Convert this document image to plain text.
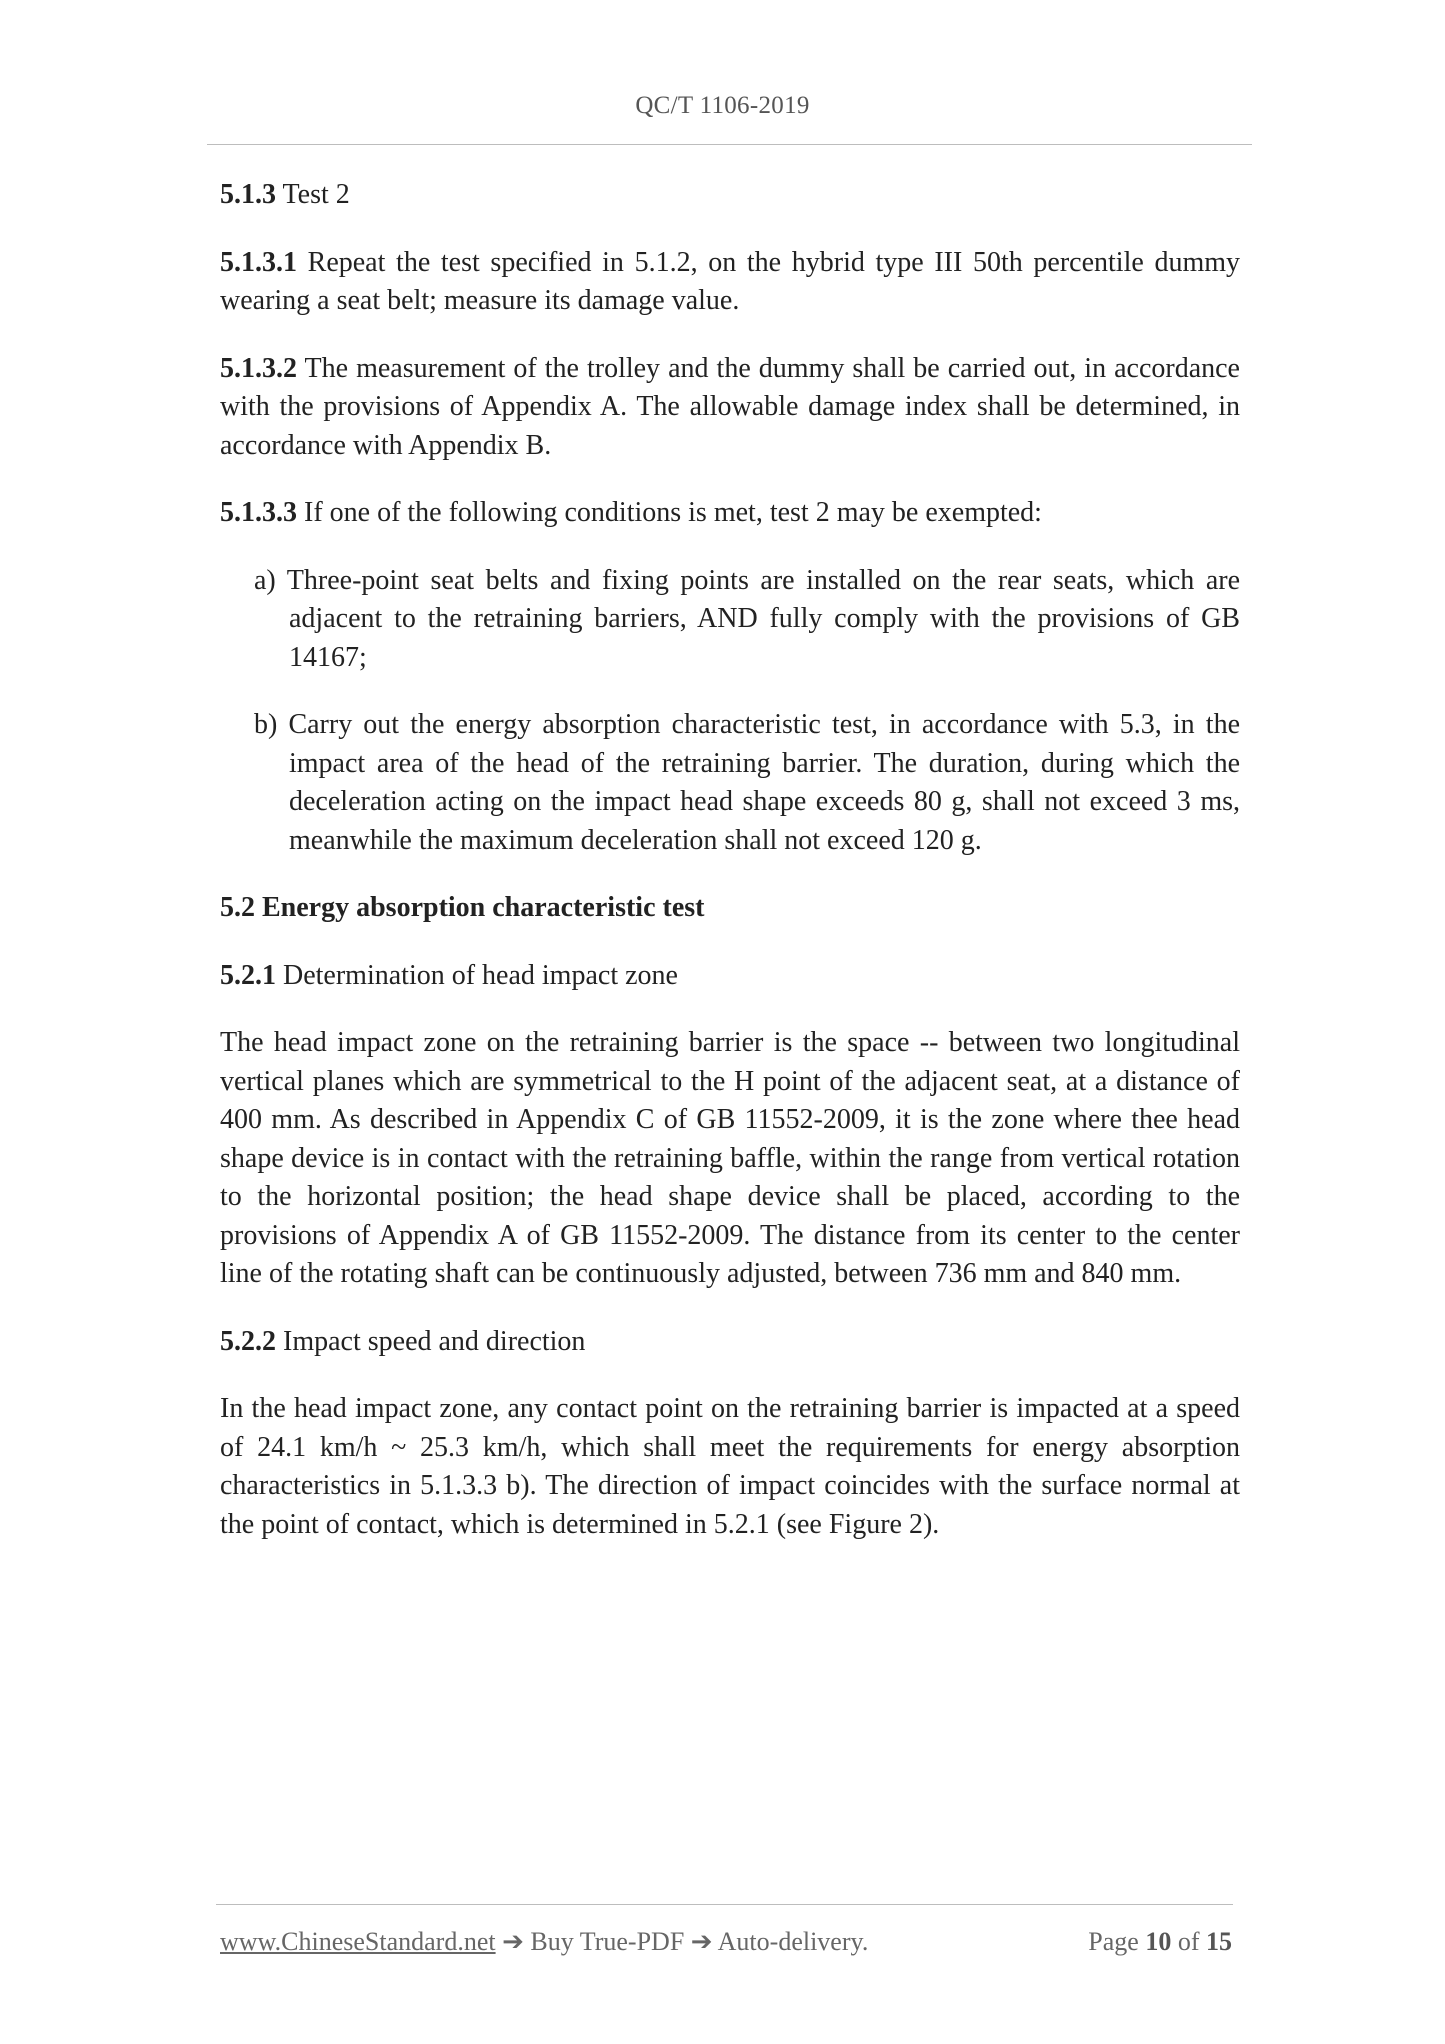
QC/T 1106-2019

5.1.3 Test 2

5.1.3.1 Repeat the test specified in 5.1.2, on the hybrid type III 50th percentile dummy wearing a seat belt; measure its damage value.

5.1.3.2 The measurement of the trolley and the dummy shall be carried out, in accordance with the provisions of Appendix A. The allowable damage index shall be determined, in accordance with Appendix B.

5.1.3.3 If one of the following conditions is met, test 2 may be exempted:

a) Three-point seat belts and fixing points are installed on the rear seats, which are adjacent to the retraining barriers, AND fully comply with the provisions of GB 14167;

b) Carry out the energy absorption characteristic test, in accordance with 5.3, in the impact area of the head of the retraining barrier. The duration, during which the deceleration acting on the impact head shape exceeds 80 g, shall not exceed 3 ms, meanwhile the maximum deceleration shall not exceed 120 g.

5.2 Energy absorption characteristic test

5.2.1 Determination of head impact zone

The head impact zone on the retraining barrier is the space -- between two longitudinal vertical planes which are symmetrical to the H point of the adjacent seat, at a distance of 400 mm. As described in Appendix C of GB 11552-2009, it is the zone where thee head shape device is in contact with the retraining baffle, within the range from vertical rotation to the horizontal position; the head shape device shall be placed, according to the provisions of Appendix A of GB 11552-2009. The distance from its center to the center line of the rotating shaft can be continuously adjusted, between 736 mm and 840 mm.

5.2.2 Impact speed and direction

In the head impact zone, any contact point on the retraining barrier is impacted at a speed of 24.1 km/h ~ 25.3 km/h, which shall meet the requirements for energy absorption characteristics in 5.1.3.3 b). The direction of impact coincides with the surface normal at the point of contact, which is determined in 5.2.1 (see Figure 2).

www.ChineseStandard.net ➔ Buy True-PDF ➔ Auto-delivery.	Page 10 of 15
